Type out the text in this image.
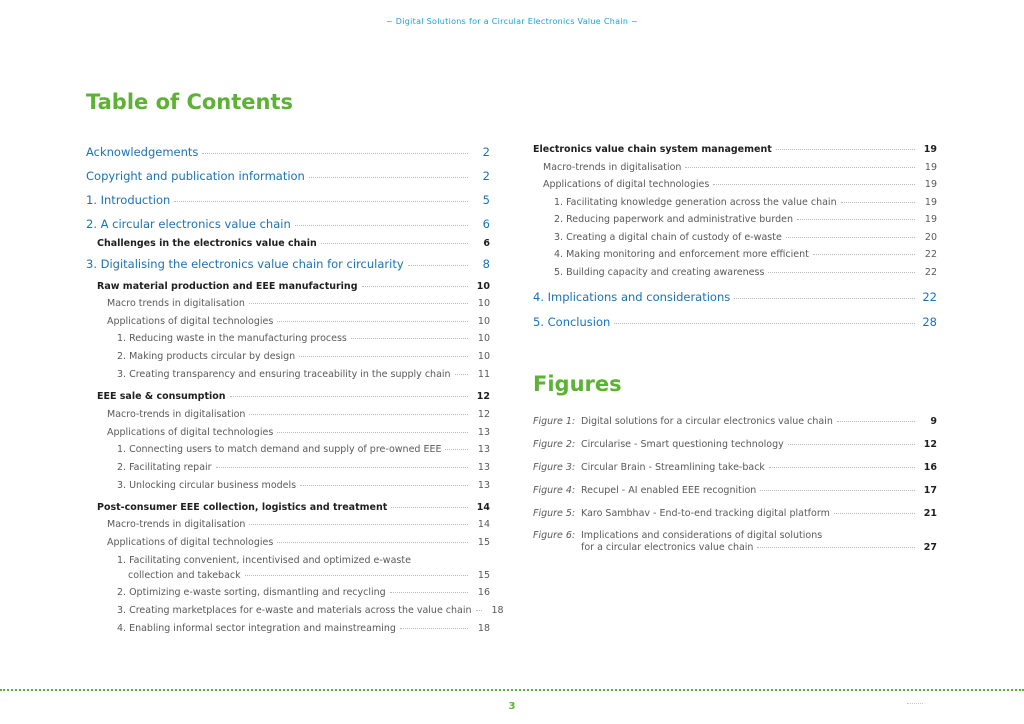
~ Digital Solutions for a Circular Electronics Value Chain ~
Table of Contents
Acknowledgements	2
Copyright and publication information	2
1. Introduction	5
2. A circular electronics value chain	6
Challenges in the electronics value chain	6
3. Digitalising the electronics value chain for circularity	8
Raw material production and EEE manufacturing	10
Macro trends in digitalisation	10
Applications of digital technologies	10
1. Reducing waste in the manufacturing process	10
2. Making products circular by design	10
3. Creating transparency and ensuring traceability in the supply chain	11
EEE sale & consumption	12
Macro-trends in digitalisation	12
Applications of digital technologies	13
1. Connecting users to match demand and supply of pre-owned EEE	13
2. Facilitating repair	13
3. Unlocking circular business models	13
Post-consumer EEE collection, logistics and treatment	14
Macro-trends in digitalisation	14
Applications of digital technologies	15
1. Facilitating convenient, incentivised and optimized e-waste
collection and takeback	15
2. Optimizing e-waste sorting, dismantling and recycling	16
3. Creating marketplaces for e-waste and materials across the value chain	18
4. Enabling informal sector integration and mainstreaming	18
Electronics value chain system management	19
Macro-trends in digitalisation	19
Applications of digital technologies	19
1. Facilitating knowledge generation across the value chain	19
2. Reducing paperwork and administrative burden	19
3. Creating a digital chain of custody of e-waste	20
4. Making monitoring and enforcement more efficient	22
5. Building capacity and creating awareness	22
4. Implications and considerations	22
5. Conclusion	28
Figures
Figure 1: Digital solutions for a circular electronics value chain	9
Figure 2: Circularise - Smart questioning technology	12
Figure 3: Circular Brain - Streamlining take-back	16
Figure 4: Recupel - AI enabled EEE recognition	17
Figure 5: Karo Sambhav - End-to-end tracking digital platform	21
Figure 6: Implications and considerations of digital solutions
for a circular electronics value chain	27
3
